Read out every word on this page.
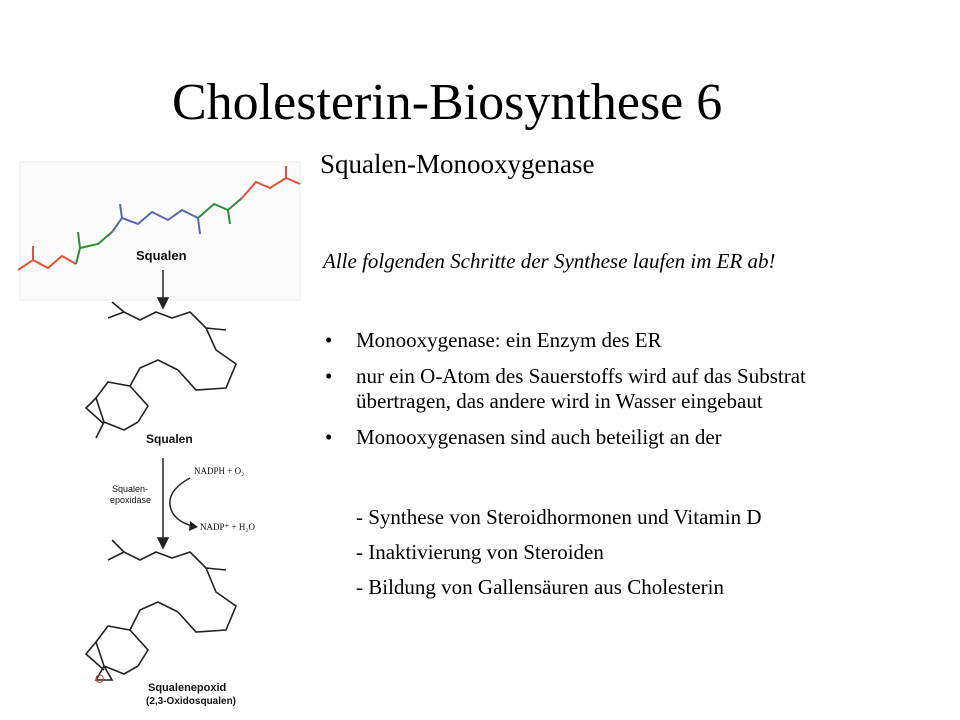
Cholesterin-Biosynthese 6
Squalen-Monooxygenase
Alle folgenden Schritte der Synthese laufen im ER ab!
• Monooxygenase: ein Enzym des ER
• nur ein O-Atom des Sauerstoffs wird auf das Substrat übertragen, das andere wird in Wasser eingebaut
• Monooxygenasen sind auch beteiligt an der
- Synthese von Steroidhormonen und Vitamin D
- Inaktivierung von Steroiden
- Bildung von Gallensäuren aus Cholesterin
Squalen
Squalen
Squalen-
epoxidase
NADPH + O₂
NADP⁺ + H₂O
O
Squalenepoxid
(2,3-Oxidosqualen)
